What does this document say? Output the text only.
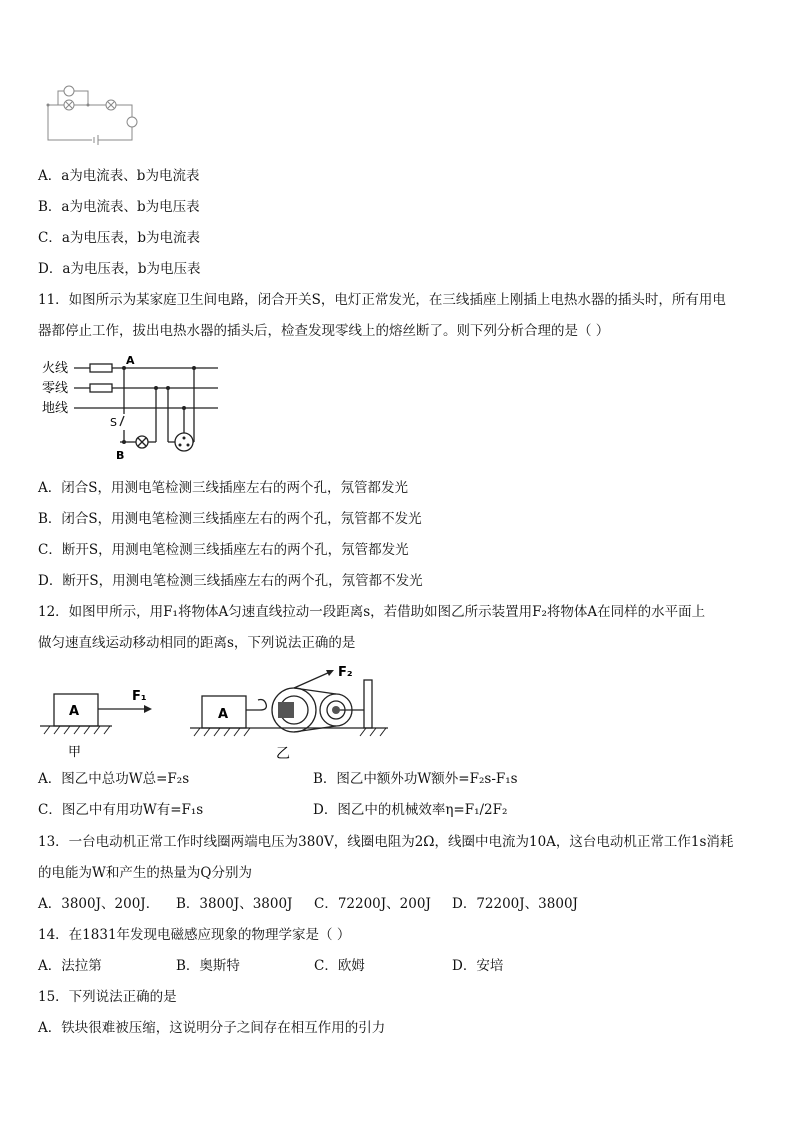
A．a为电流表、b为电流表
B．a为电流表、b为电压表
C．a为电压表，b为电流表
D．a为电压表，b为电压表
11．如图所示为某家庭卫生间电路，闭合开关S，电灯正常发光，在三线插座上刚插上电热水器的插头时，所有用电
器都停止工作，拔出电热水器的插头后，检查发现零线上的熔丝断了。则下列分析合理的是（ ）
火线
零线
地线
A
S
B
A．闭合S，用测电笔检测三线插座左右的两个孔，氖管都发光
B．闭合S，用测电笔检测三线插座左右的两个孔，氖管都不发光
C．断开S，用测电笔检测三线插座左右的两个孔，氖管都发光
D．断开S，用测电笔检测三线插座左右的两个孔，氖管都不发光
12．如图甲所示，用F₁将物体A匀速直线拉动一段距离s，若借助如图乙所示装置用F₂将物体A在同样的水平面上
做匀速直线运动移动相同的距离s，下列说法正确的是
A
F₁
甲
A
F₂
乙
A．图乙中总功W总=F₂s	B．图乙中额外功W额外=F₂s-F₁s
C．图乙中有用功W有=F₁s	D．图乙中的机械效率η=F₁/2F₂
13．一台电动机正常工作时线圈两端电压为380V，线圈电阻为2Ω，线圈中电流为10A，这台电动机正常工作1s消耗
的电能为W和产生的热量为Q分别为
A．3800J、200J． B．3800J、3800J C．72200J、200J D．72200J、3800J
14．在1831年发现电磁感应现象的物理学家是（ ）
A．法拉第	B．奥斯特	C．欧姆	D．安培
15．下列说法正确的是
A．铁块很难被压缩，这说明分子之间存在相互作用的引力
